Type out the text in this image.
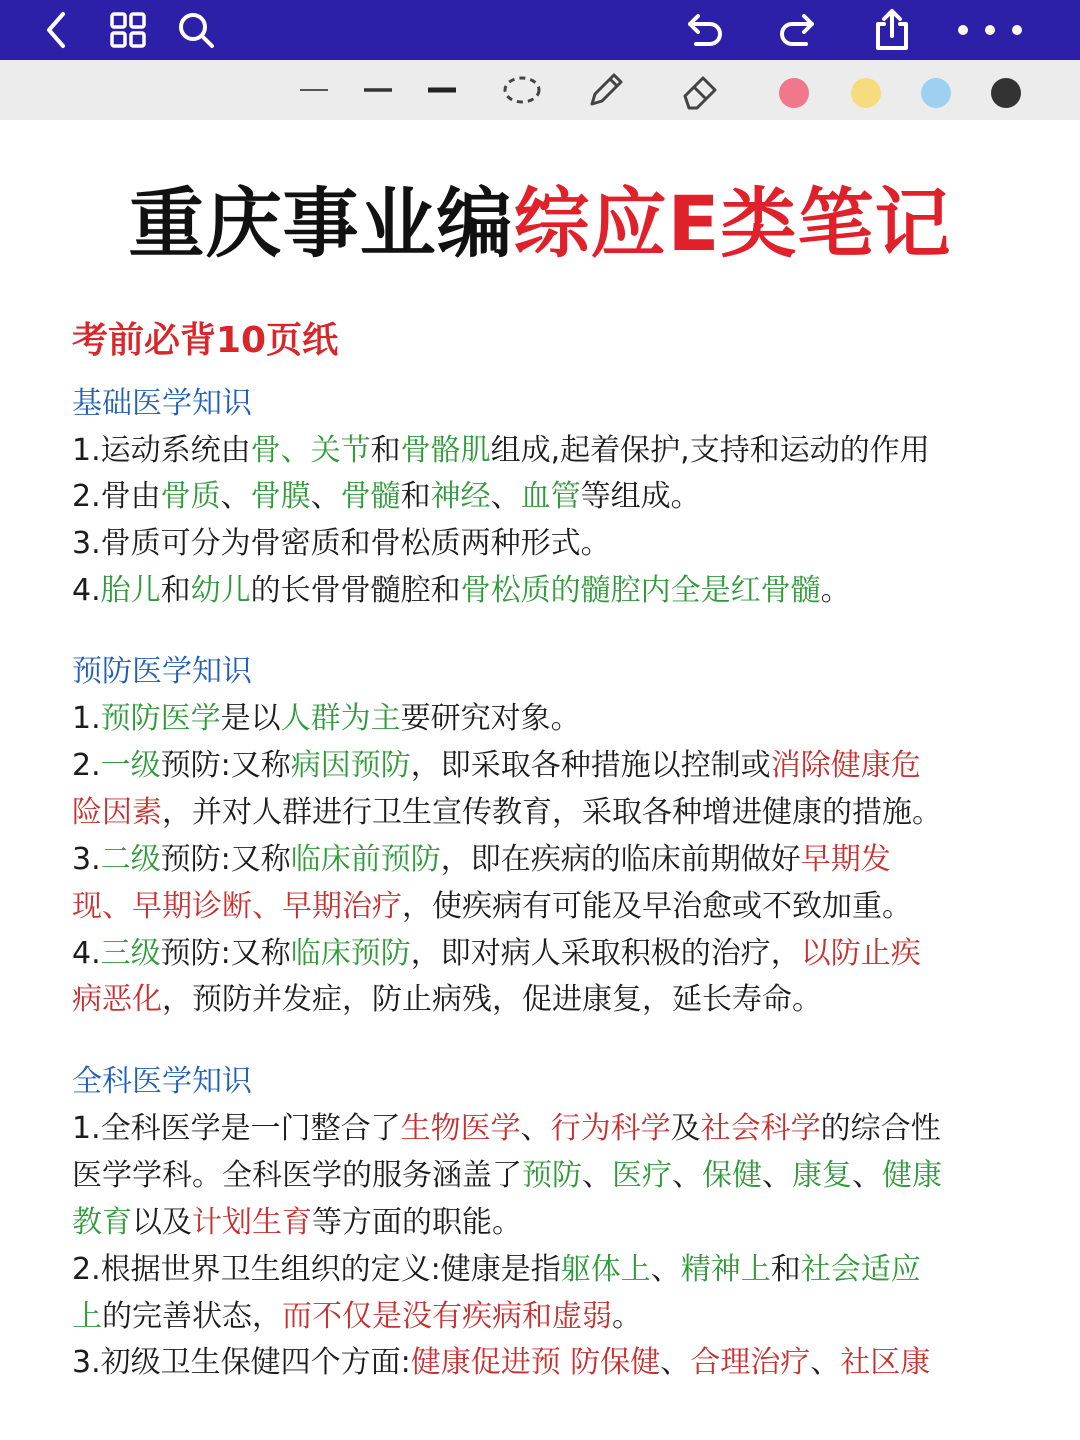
重庆事业编综应E类笔记
考前必背10页纸
基础医学知识
1.运动系统由骨、关节和骨骼肌组成,起着保护,支持和运动的作用
2.骨由骨质、骨膜、骨髓和神经、血管等组成。
3.骨质可分为骨密质和骨松质两种形式。
4.胎儿和幼儿的长骨骨髓腔和骨松质的髓腔内全是红骨髓。
预防医学知识
1.预防医学是以人群为主要研究对象。
2.一级预防:又称病因预防，即采取各种措施以控制或消除健康危
险因素，并对人群进行卫生宣传教育，采取各种增进健康的措施。
3.二级预防:又称临床前预防，即在疾病的临床前期做好早期发
现、早期诊断、早期治疗，使疾病有可能及早治愈或不致加重。
4.三级预防:又称临床预防，即对病人采取积极的治疗，以防止疾
病恶化，预防并发症，防止病残，促进康复，延长寿命。
全科医学知识
1.全科医学是一门整合了生物医学、行为科学及社会科学的综合性
医学学科。全科医学的服务涵盖了预防、医疗、保健、康复、健康
教育以及计划生育等方面的职能。
2.根据世界卫生组织的定义:健康是指躯体上、精神上和社会适应
上的完善状态，而不仅是没有疾病和虚弱。
3.初级卫生保健四个方面:健康促进预 防保健、合理治疗、社区康
